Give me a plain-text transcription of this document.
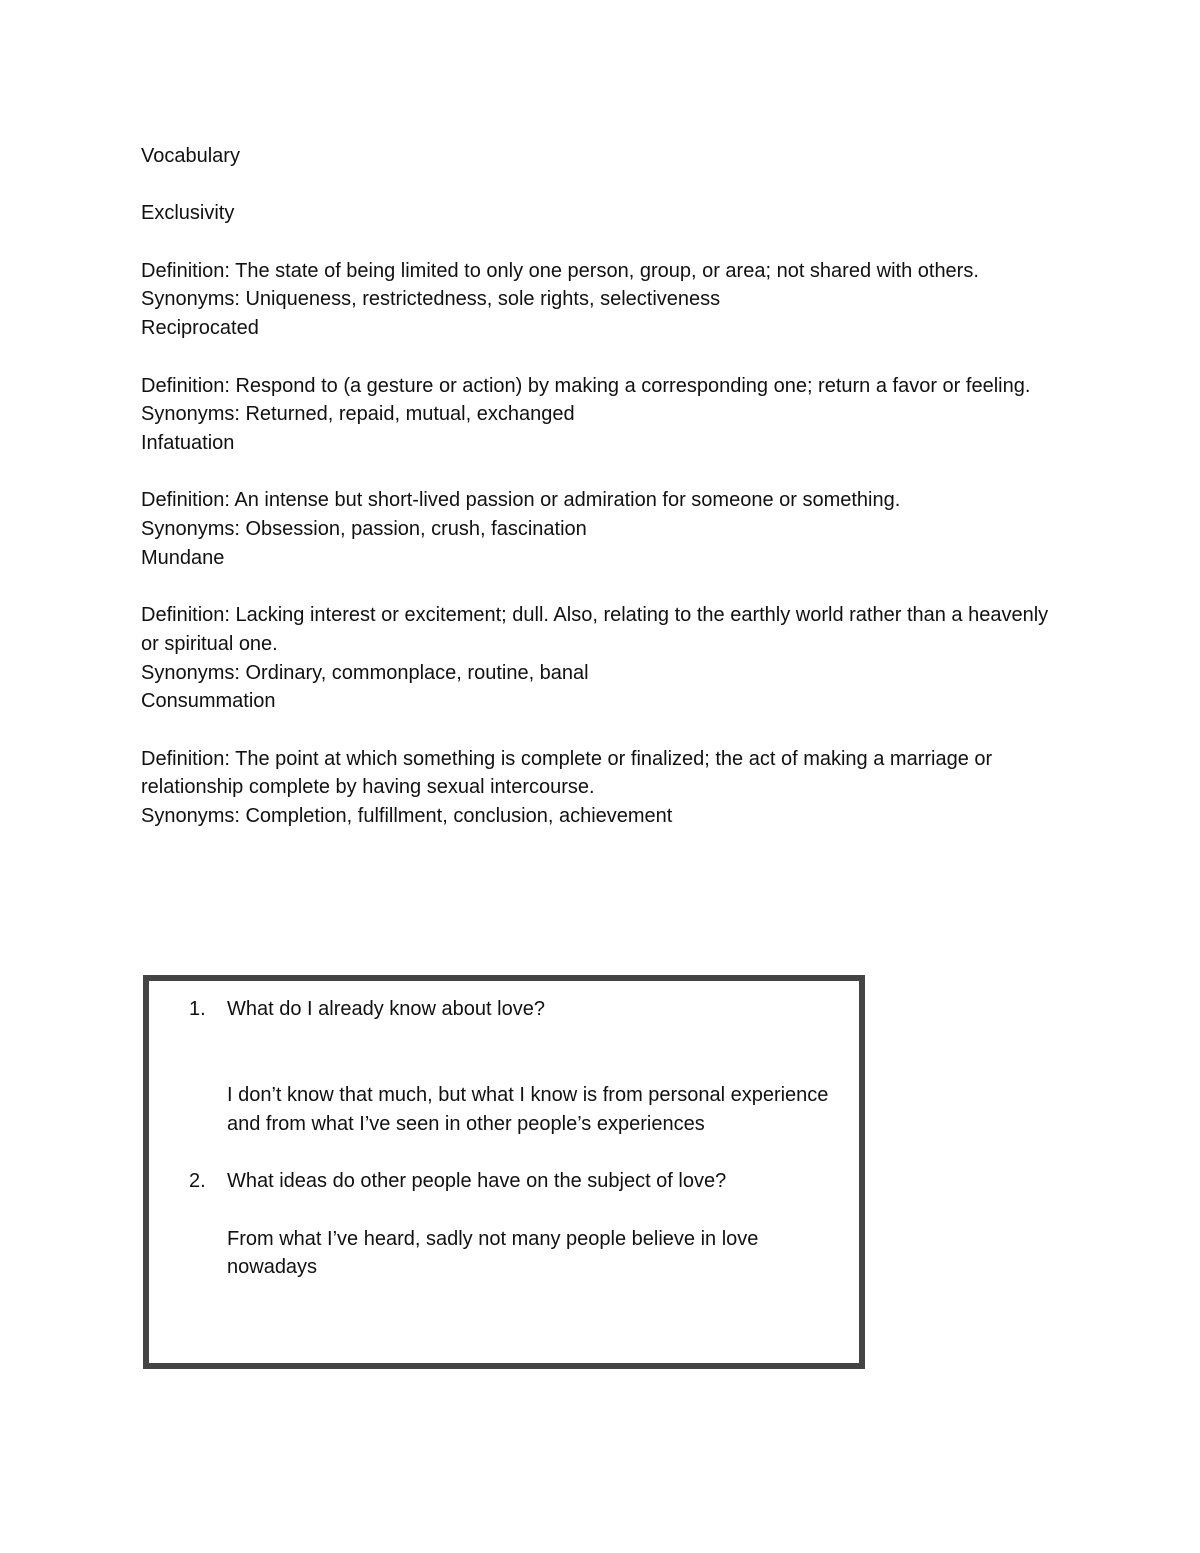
Vocabulary
Exclusivity
Definition: The state of being limited to only one person, group, or area; not shared with others.
Synonyms: Uniqueness, restrictedness, sole rights, selectiveness
Reciprocated
Definition: Respond to (a gesture or action) by making a corresponding one; return a favor or feeling.
Synonyms: Returned, repaid, mutual, exchanged
Infatuation
Definition: An intense but short-lived passion or admiration for someone or something.
Synonyms: Obsession, passion, crush, fascination
Mundane
Definition: Lacking interest or excitement; dull. Also, relating to the earthly world rather than a heavenly or spiritual one.
Synonyms: Ordinary, commonplace, routine, banal
Consummation
Definition: The point at which something is complete or finalized; the act of making a marriage or relationship complete by having sexual intercourse.
Synonyms: Completion, fulfillment, conclusion, achievement
1.	What do I already know about love?
I don’t know that much, but what I know is from personal experience and from what I’ve seen in other people’s experiences
2.	What ideas do other people have on the subject of love?
From what I’ve heard, sadly not many people believe in love nowadays
